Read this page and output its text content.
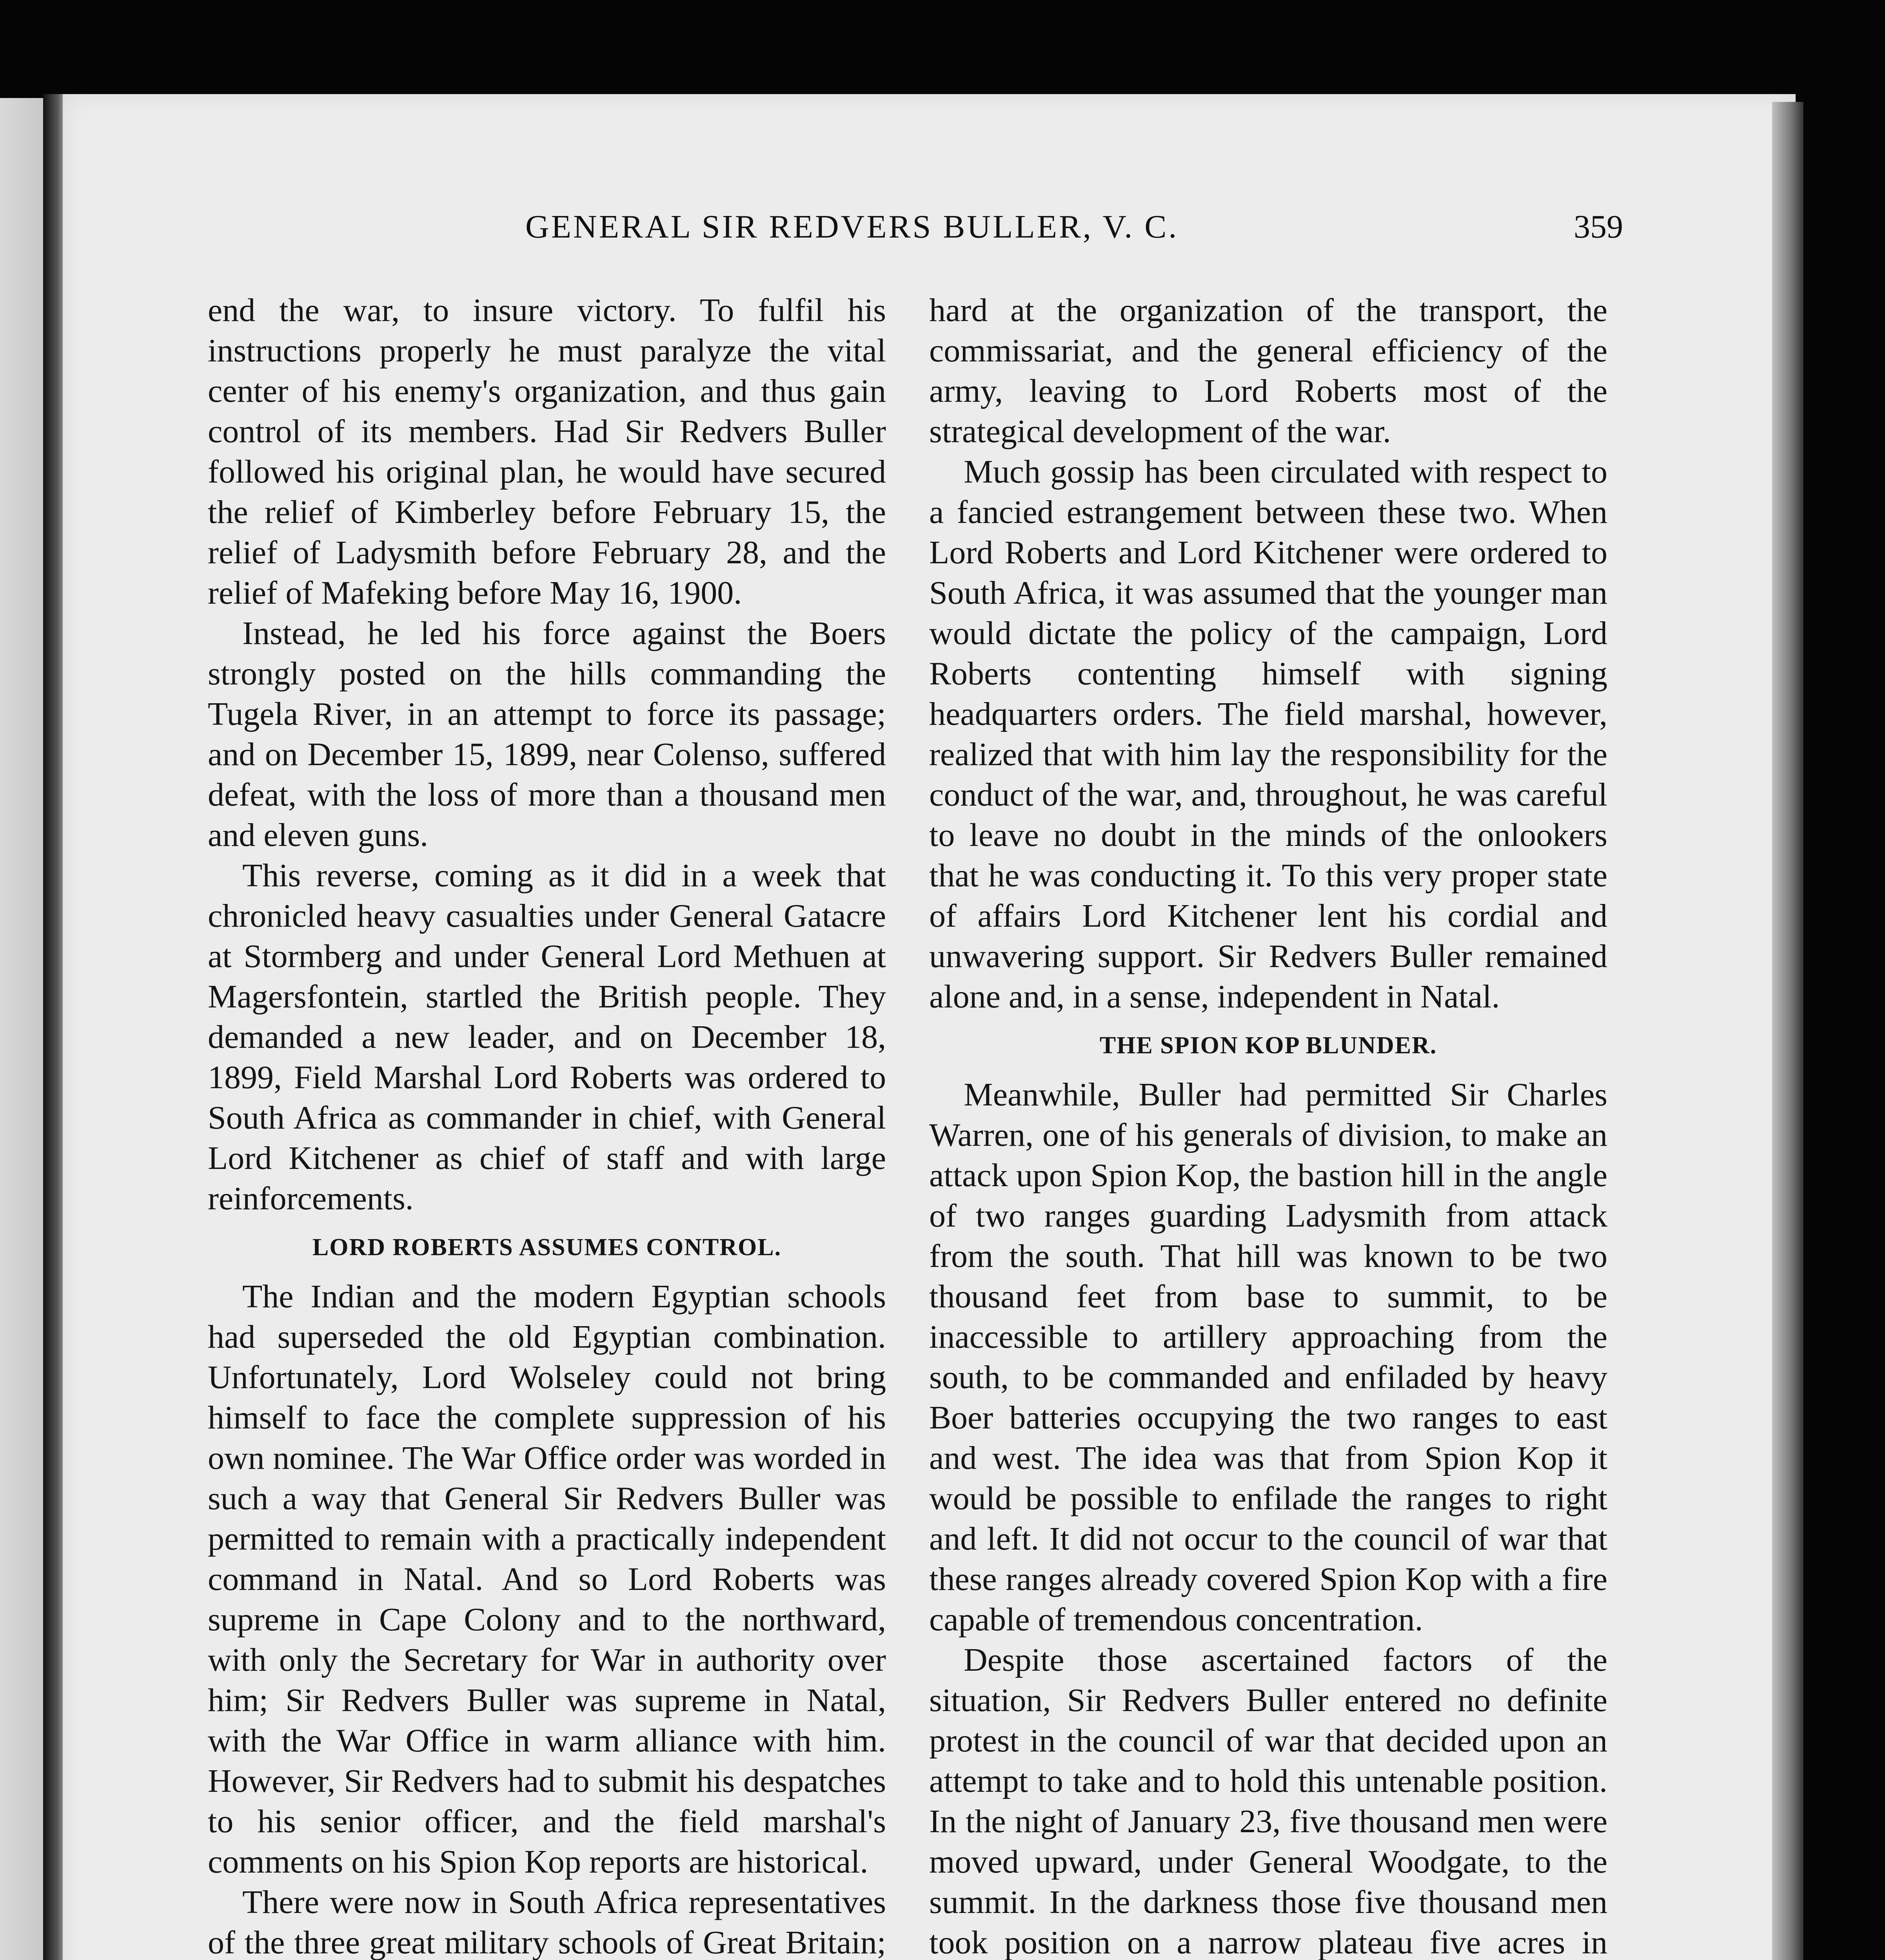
GENERAL SIR REDVERS BULLER, V. C.	359

end the war, to insure victory. To fulfil his instructions properly he must paralyze the vital center of his enemy's organization, and thus gain control of its members. Had Sir Redvers Buller followed his original plan, he would have secured the relief of Kimberley before February 15, the relief of Ladysmith before February 28, and the relief of Mafeking before May 16, 1900.

Instead, he led his force against the Boers strongly posted on the hills commanding the Tugela River, in an attempt to force its passage; and on December 15, 1899, near Colenso, suffered defeat, with the loss of more than a thousand men and eleven guns.

This reverse, coming as it did in a week that chronicled heavy casualties under General Gatacre at Stormberg and under General Lord Methuen at Magersfontein, startled the British people. They demanded a new leader, and on December 18, 1899, Field Marshal Lord Roberts was ordered to South Africa as commander in chief, with General Lord Kitchener as chief of staff and with large reinforcements.

LORD ROBERTS ASSUMES CONTROL.

The Indian and the modern Egyptian schools had superseded the old Egyptian combination. Unfortunately, Lord Wolseley could not bring himself to face the complete suppression of his own nominee. The War Office order was worded in such a way that General Sir Redvers Buller was permitted to remain with a practically independent command in Natal. And so Lord Roberts was supreme in Cape Colony and to the northward, with only the Secretary for War in authority over him; Sir Redvers Buller was supreme in Natal, with the War Office in warm alliance with him. However, Sir Redvers had to submit his despatches to his senior officer, and the field marshal's comments on his Spion Kop reports are historical.

There were now in South Africa representatives of the three great military schools of Great Britain;

hard at the organization of the transport, the commissariat, and the general efficiency of the army, leaving to Lord Roberts most of the strategical development of the war.

Much gossip has been circulated with respect to a fancied estrangement between these two. When Lord Roberts and Lord Kitchener were ordered to South Africa, it was assumed that the younger man would dictate the policy of the campaign, Lord Roberts contenting himself with signing headquarters orders. The field marshal, however, realized that with him lay the responsibility for the conduct of the war, and, throughout, he was careful to leave no doubt in the minds of the onlookers that he was conducting it. To this very proper state of affairs Lord Kitchener lent his cordial and unwavering support. Sir Redvers Buller remained alone and, in a sense, independent in Natal.

THE SPION KOP BLUNDER.

Meanwhile, Buller had permitted Sir Charles Warren, one of his generals of division, to make an attack upon Spion Kop, the bastion hill in the angle of two ranges guarding Ladysmith from attack from the south. That hill was known to be two thousand feet from base to summit, to be inaccessible to artillery approaching from the south, to be commanded and enfiladed by heavy Boer batteries occupying the two ranges to east and west. The idea was that from Spion Kop it would be possible to enfilade the ranges to right and left. It did not occur to the council of war that these ranges already covered Spion Kop with a fire capable of tremendous concentration.

Despite those ascertained factors of the situation, Sir Redvers Buller entered no definite protest in the council of war that decided upon an attempt to take and to hold this untenable position. In the night of January 23, five thousand men were moved upward, under General Woodgate, to the summit. In the darkness those five thousand men took position on a narrow plateau five acres in
